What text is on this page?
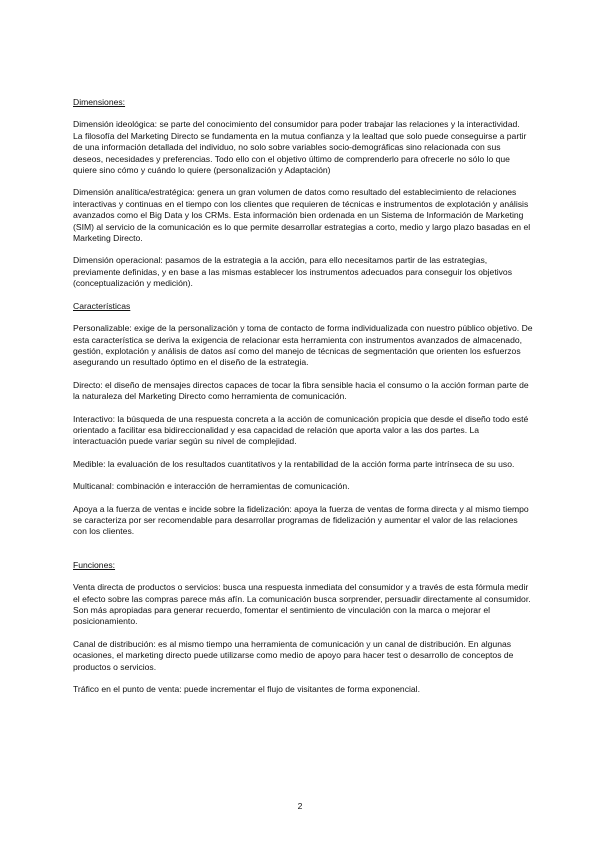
Dimensiones:

Dimensión ideológica: se parte del conocimiento del consumidor para poder trabajar las relaciones y la interactividad.

La filosofía del Marketing Directo se fundamenta en la mutua confianza y la lealtad que solo puede conseguirse a partir de una información detallada del individuo, no solo sobre variables socio-demográficas sino relacionada con sus deseos, necesidades y preferencias. Todo ello con el objetivo último de comprenderlo para ofrecerle no sólo lo que quiere sino cómo y cuándo lo quiere (personalización y Adaptación)

Dimensión analítica/estratégica: genera un gran volumen de datos como resultado del establecimiento de relaciones interactivas y continuas en el tiempo con los clientes que requieren de técnicas e instrumentos de explotación y análisis avanzados como el Big Data y los CRMs. Esta información bien ordenada en un Sistema de Información de Marketing (SIM) al servicio de la comunicación es lo que permite desarrollar estrategias a corto, medio y largo plazo basadas en el Marketing Directo.

Dimensión operacional: pasamos de la estrategia a la acción, para ello necesitamos partir de las estrategias, previamente definidas, y en base a las mismas establecer los instrumentos adecuados para conseguir los objetivos (conceptualización y medición).

Características

Personalizable: exige de la personalización y toma de contacto de forma individualizada con nuestro público objetivo. De esta característica se deriva la exigencia de relacionar esta herramienta con instrumentos avanzados de almacenado, gestión, explotación y análisis de datos así como del manejo de técnicas de segmentación que orienten los esfuerzos asegurando un resultado óptimo en el diseño de la estrategia.

Directo: el diseño de mensajes directos capaces de tocar la fibra sensible hacia el consumo o la acción forman parte de la naturaleza del Marketing Directo como herramienta de comunicación.

Interactivo: la búsqueda de una respuesta concreta a la acción de comunicación propicia que desde el diseño todo esté orientado a facilitar esa bidireccionalidad y esa capacidad de relación que aporta valor a las dos partes. La interactuación puede variar según su nivel de complejidad.

Medible: la evaluación de los resultados cuantitativos y la rentabilidad de la acción forma parte intrínseca de su uso.

Multicanal: combinación e interacción de herramientas de comunicación.

Apoya a la fuerza de ventas e incide sobre la fidelización: apoya la fuerza de ventas de forma directa y al mismo tiempo se caracteriza por ser recomendable para desarrollar programas de fidelización y aumentar el valor de las relaciones con los clientes.

Funciones:

Venta directa de productos o servicios: busca una respuesta inmediata del consumidor y a través de esta fórmula medir el efecto sobre las compras parece más afín. La comunicación busca sorprender, persuadir directamente al consumidor. Son más apropiadas para generar recuerdo, fomentar el sentimiento de vinculación con la marca o mejorar el posicionamiento.

Canal de distribución: es al mismo tiempo una herramienta de comunicación y un canal de distribución. En algunas ocasiones, el marketing directo puede utilizarse como medio de apoyo para hacer test o desarrollo de conceptos de productos o servicios.

Tráfico en el punto de venta: puede incrementar el flujo de visitantes de forma exponencial.

2
